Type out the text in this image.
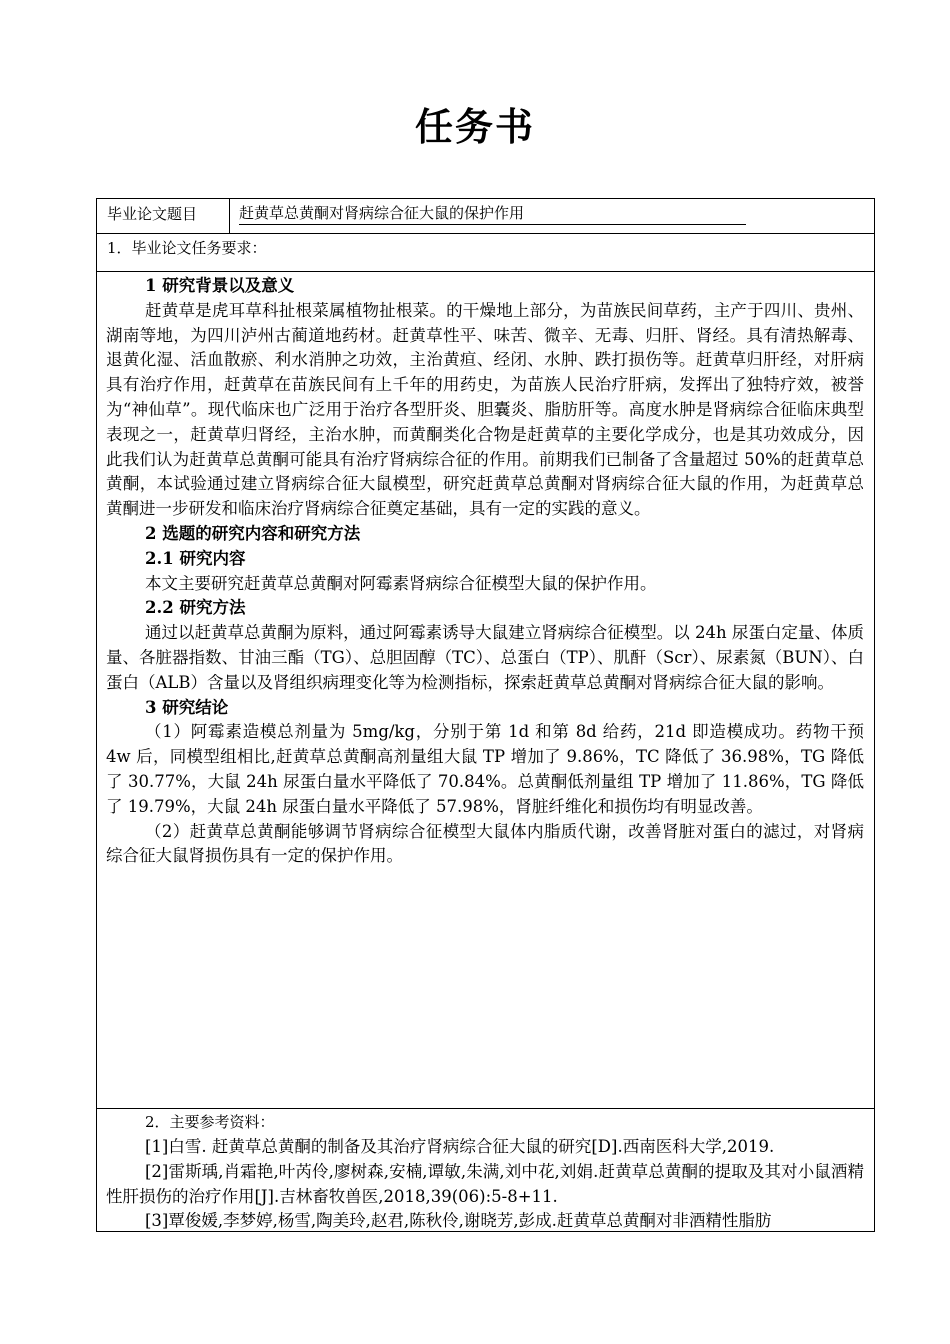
任务书
毕业论文题目	赶黄草总黄酮对肾病综合征大鼠的保护作用
1．毕业论文任务要求：

1 研究背景以及意义

赶黄草是虎耳草科扯根菜属植物扯根菜。的干燥地上部分，为苗族民间草药，主产于四川、贵州、湖南等地，为四川泸州古蔺道地药材。赶黄草性平、味苦、微辛、无毒、归肝、肾经。具有清热解毒、退黄化湿、活血散瘀、利水消肿之功效，主治黄疸、经闭、水肿、跌打损伤等。赶黄草归肝经，对肝病具有治疗作用，赶黄草在苗族民间有上千年的用药史，为苗族人民治疗肝病，发挥出了独特疗效，被誉为“神仙草”。现代临床也广泛用于治疗各型肝炎、胆囊炎、脂肪肝等。高度水肿是肾病综合征临床典型表现之一，赶黄草归肾经，主治水肿，而黄酮类化合物是赶黄草的主要化学成分，也是其功效成分，因此我们认为赶黄草总黄酮可能具有治疗肾病综合征的作用。前期我们已制备了含量超过 50%的赶黄草总黄酮，本试验通过建立肾病综合征大鼠模型，研究赶黄草总黄酮对肾病综合征大鼠的作用，为赶黄草总黄酮进一步研发和临床治疗肾病综合征奠定基础，具有一定的实践的意义。

2 选题的研究内容和研究方法

2.1 研究内容

本文主要研究赶黄草总黄酮对阿霉素肾病综合征模型大鼠的保护作用。

2.2 研究方法

通过以赶黄草总黄酮为原料，通过阿霉素诱导大鼠建立肾病综合征模型。以 24h 尿蛋白定量、体质量、各脏器指数、甘油三酯（TG）、总胆固醇（TC）、总蛋白（TP）、肌酐（Scr）、尿素氮（BUN）、白蛋白（ALB）含量以及肾组织病理变化等为检测指标，探索赶黄草总黄酮对肾病综合征大鼠的影响。

3 研究结论

（1）阿霉素造模总剂量为 5mg/kg，分别于第 1d 和第 8d 给药，21d 即造模成功。药物干预 4w 后，同模型组相比,赶黄草总黄酮高剂量组大鼠 TP 增加了 9.86%，TC 降低了 36.98%，TG 降低了 30.77%，大鼠 24h 尿蛋白量水平降低了 70.84%。总黄酮低剂量组 TP 增加了 11.86%，TG 降低了 19.79%，大鼠 24h 尿蛋白量水平降低了 57.98%，肾脏纤维化和损伤均有明显改善。

（2）赶黄草总黄酮能够调节肾病综合征模型大鼠体内脂质代谢，改善肾脏对蛋白的滤过，对肾病综合征大鼠肾损伤具有一定的保护作用。

2．主要参考资料：

[1]白雪. 赶黄草总黄酮的制备及其治疗肾病综合征大鼠的研究[D].西南医科大学,2019.

[2]雷斯瑀,肖霜艳,叶芮伶,廖树森,安楠,谭敏,朱满,刘中花,刘娟.赶黄草总黄酮的提取及其对小鼠酒精性肝损伤的治疗作用[J].吉林畜牧兽医,2018,39(06):5-8+11.

[3]覃俊媛,李梦婷,杨雪,陶美玲,赵君,陈秋伶,谢晓芳,彭成.赶黄草总黄酮对非酒精性脂肪
